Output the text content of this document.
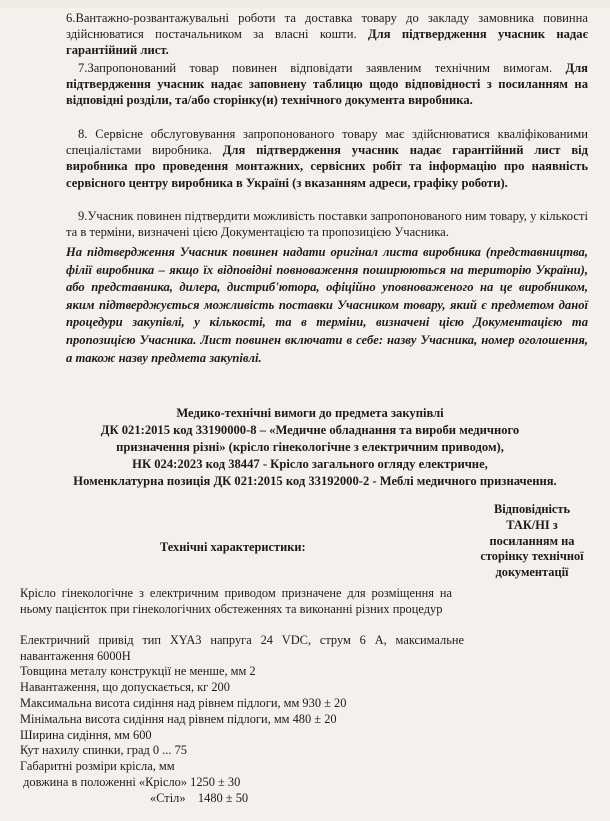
6.Вантажно-розвантажувальні роботи та доставка товару до закладу замовника повинна здійснюватися постачальником за власні кошти. Для підтвердження учасник надає гарантійний лист.

7.Запропонований товар повинен відповідати заявленим технічним вимогам. Для підтвердження учасник надає заповнену таблицю щодо відповідності з посиланням на відповідні розділи, та/або сторінку(и) технічного документа виробника.

8. Сервісне обслуговування запропонованого товару має здійснюватися кваліфікованими спеціалістами виробника. Для підтвердження учасник надає гарантійний лист від виробника про проведення монтажних, сервісних робіт та інформацію про наявність сервісного центру виробника в Україні (з вказанням адреси, графіку роботи).

9.Учасник повинен підтвердити можливість поставки запропонованого ним товару, у кількості та в терміни, визначені цією Документацією та пропозицією Учасника.

На підтвердження Учасник повинен надати оригінал листа виробника (представництва, філії виробника – якщо їх відповідні повноваження поширюються на територію України), або представника, дилера, дистриб'ютора, офіційно уповноваженого на це виробником, яким підтверджується можливість поставки Учасником товару, який є предметом даної процедури закупівлі, у кількості, та в терміни, визначені цією Документацією та пропозицією Учасника. Лист повинен включати в себе: назву Учасника, номер оголошення, а також назву предмета закупівлі.

Медико-технічні вимоги до предмета закупівлі

ДК 021:2015 код 33190000-8 – «Медичне обладнання та вироби медичного

призначення різні» (крісло гінекологічне з електричним приводом),

НК 024:2023 код 38447 - Крісло загального огляду електричне,

Номенклатурна позиція ДК 021:2015 код 33192000-2 - Меблі медичного призначення.

Технічні характеристики:

Відповідність

ТАК/НІ з

посиланням на

сторінку технічної

документації

Крісло гінекологічне з електричним приводом призначене для розміщення на ньому пацієнток при гінекологічних обстеженнях та виконанні різних процедур

Електричний привід тип XYA3 напруга 24 VDC, струм 6 A, максимальне навантаження 6000Н

Товщина металу конструкції не менше, мм 2

Навантаження, що допускається, кг 200

Максимальна висота сидіння над рівнем підлоги, мм 930 ± 20

Мінімальна висота сидіння над рівнем підлоги, мм 480 ± 20

Ширина сидіння, мм 600

Кут нахилу спинки, град 0 ... 75

Габаритні розміри крісла, мм

довжина в положенні «Крісло» 1250 ± 30

«Стіл»    1480 ± 50
